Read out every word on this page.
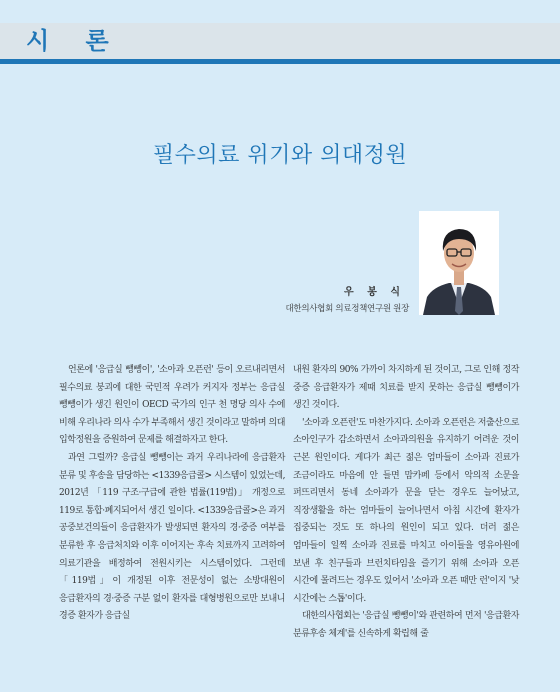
시 론
필수의료 위기와 의대정원
우 봉 식
대한의사협회 의료정책연구원 원장

언론에 '응급실 뺑뺑이', '소아과 오픈런' 등이 오르내리면서 필수의료 붕괴에 대한 국민적 우려가 커지자 정부는 응급실 뺑뺑이가 생긴 원인이 OECD 국가의 인구 천 명당 의사 수에 비해 우리나라 의사 수가 부족해서 생긴 것이라고 말하며 의대 입학정원을 증원하여 문제를 해결하자고 한다.

과연 그럴까? 응급실 뺑뺑이는 과거 우리나라에 응급환자 분류 및 후송을 담당하는 <1339응급콜> 시스템이 있었는데, 2012년 「119 구조·구급에 관한 법률(119법)」 개정으로 119로 통합·폐지되어서 생긴 일이다. <1339응급콜>은 과거 공중보건의들이 응급환자가 발생되면 환자의 경·중증 여부를 분류한 후 응급처치와 이후 이어지는 후속 치료까지 고려하여 의료기관을 배정하여 전원시키는 시스템이었다. 그런데 「119법」이 개정된 이후 전문성이 없는 소방대원이 응급환자의 경·중증 구분 없이 환자를 대형병원으로만 보내니 경증 환자가 응급실

내원 환자의 90% 가까이 차지하게 된 것이고, 그로 인해 정작 중증 응급환자가 제때 치료를 받지 못하는 응급실 뺑뺑이가 생긴 것이다.

'소아과 오픈런'도 마찬가지다. 소아과 오픈런은 저출산으로 소아인구가 감소하면서 소아과의원을 유지하기 어려운 것이 근본 원인이다. 게다가 최근 젊은 엄마들이 소아과 진료가 조금이라도 마음에 안 들면 맘카페 등에서 악의적 소문을 퍼뜨리면서 동네 소아과가 문을 닫는 경우도 늘어났고, 직장생활을 하는 엄마들이 늘어나면서 아침 시간에 환자가 집중되는 것도 또 하나의 원인이 되고 있다. 더러 젊은 엄마들이 일찍 소아과 진료를 마치고 아이들을 영유아원에 보낸 후 친구들과 브런치타임을 즐기기 위해 소아과 오픈 시간에 몰려드는 경우도 있어서 '소아과 오픈 때만 런'이지 '낮 시간에는 스톱'이다.

대한의사협회는 '응급실 뺑뺑이'와 관련하여 먼저 '응급환자 분류후송 체계'를 신속하게 확립해 줄
